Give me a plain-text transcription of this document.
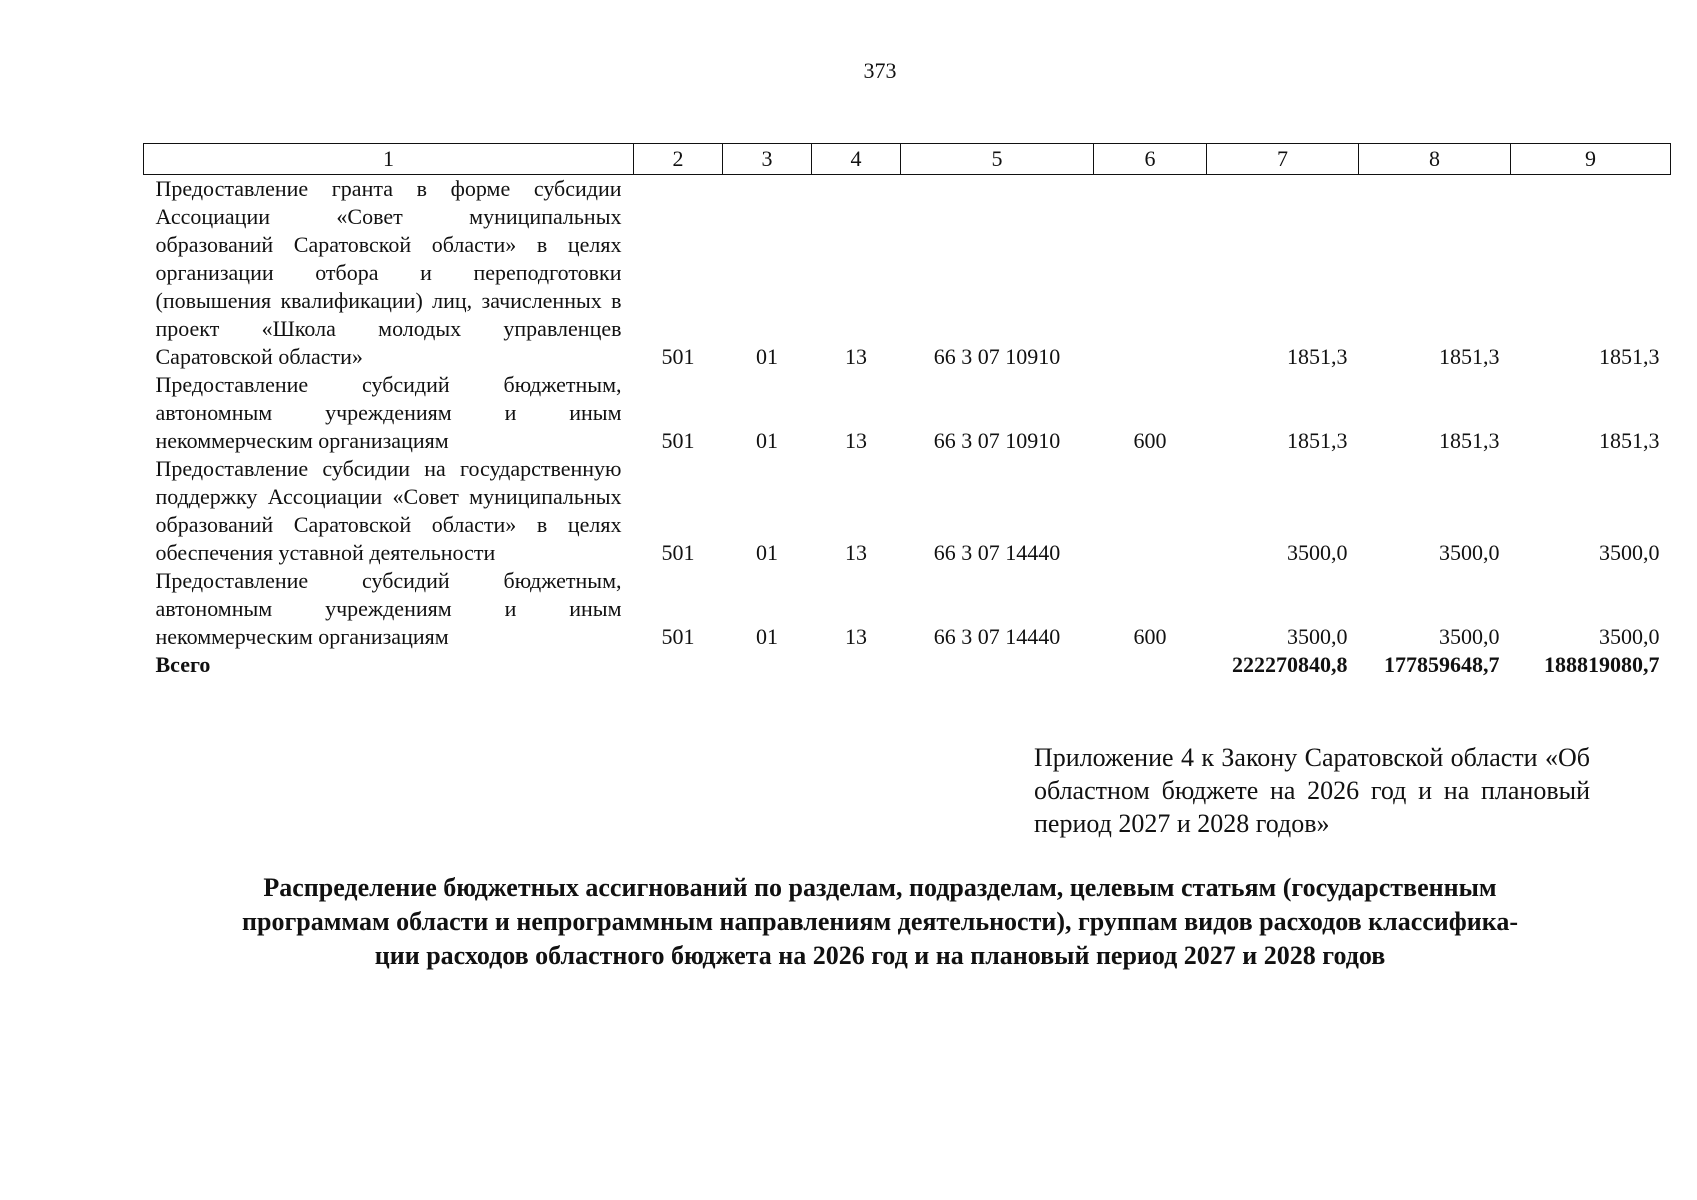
373
1	2	3	4	5	6	7	8	9
Предоставление гранта в форме субсидии Ассоциации «Совет муниципальных образований Саратовской области» в целях организации отбора и переподготовки (повышения квалификации) лиц, зачисленных в проект «Школа молодых управленцев Саратовской области»	501	01	13	66 3 07 10910		1851,3	1851,3	1851,3
Предоставление субсидий бюджетным, автономным учреждениям и иным некоммерческим организациям	501	01	13	66 3 07 10910	600	1851,3	1851,3	1851,3
Предоставление субсидии на государственную поддержку Ассоциации «Совет муниципальных образований Саратовской области» в целях обеспечения уставной деятельности	501	01	13	66 3 07 14440		3500,0	3500,0	3500,0
Предоставление субсидий бюджетным, автономным учреждениям и иным некоммерческим организациям	501	01	13	66 3 07 14440	600	3500,0	3500,0	3500,0
Всего						222270840,8	177859648,7	188819080,7
Приложение 4 к Закону Саратовской области «Об областном бюджете на 2026 год и на плановый период 2027 и 2028 годов»
Распределение бюджетных ассигнований по разделам, подразделам, целевым статьям (государственным
программам области и непрограммным направлениям деятельности), группам видов расходов классифика-
ции расходов областного бюджета на 2026 год и на плановый период 2027 и 2028 годов
